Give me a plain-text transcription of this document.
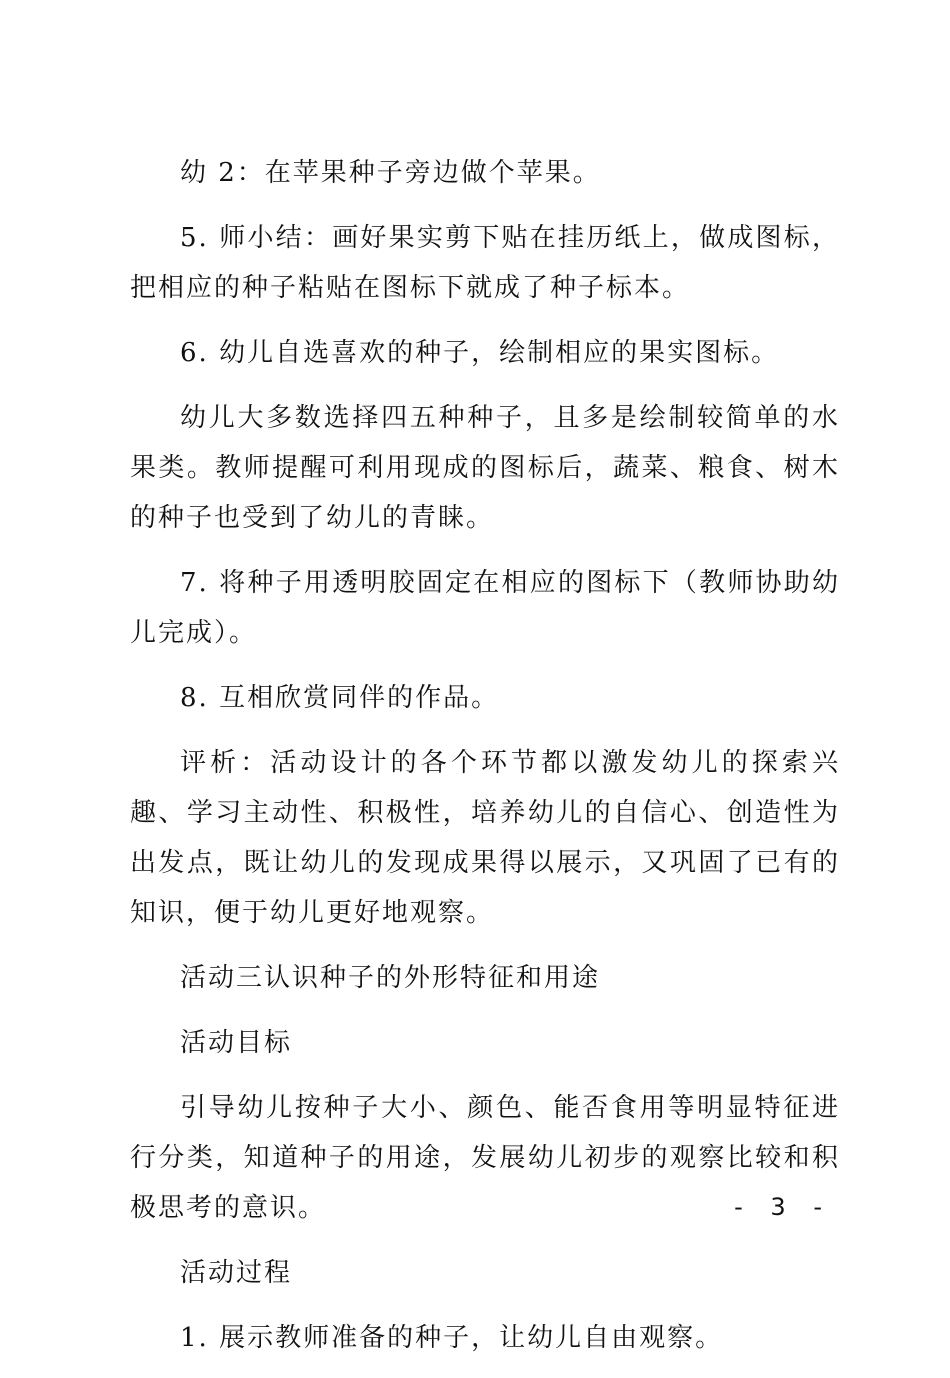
幼 2：在苹果种子旁边做个苹果。

5. 师小结：画好果实剪下贴在挂历纸上，做成图标，把相应的种子粘贴在图标下就成了种子标本。

6. 幼儿自选喜欢的种子，绘制相应的果实图标。

幼儿大多数选择四五种种子，且多是绘制较简单的水果类。教师提醒可利用现成的图标后，蔬菜、粮食、树木的种子也受到了幼儿的青睐。

7. 将种子用透明胶固定在相应的图标下（教师协助幼儿完成）。

8. 互相欣赏同伴的作品。

评析：活动设计的各个环节都以激发幼儿的探索兴趣、学习主动性、积极性，培养幼儿的自信心、创造性为出发点，既让幼儿的发现成果得以展示，又巩固了已有的知识，便于幼儿更好地观察。

活动三认识种子的外形特征和用途

活动目标

引导幼儿按种子大小、颜色、能否食用等明显特征进行分类，知道种子的用途，发展幼儿初步的观察比较和积极思考的意识。

活动过程

1. 展示教师准备的种子，让幼儿自由观察。

- 3 -
